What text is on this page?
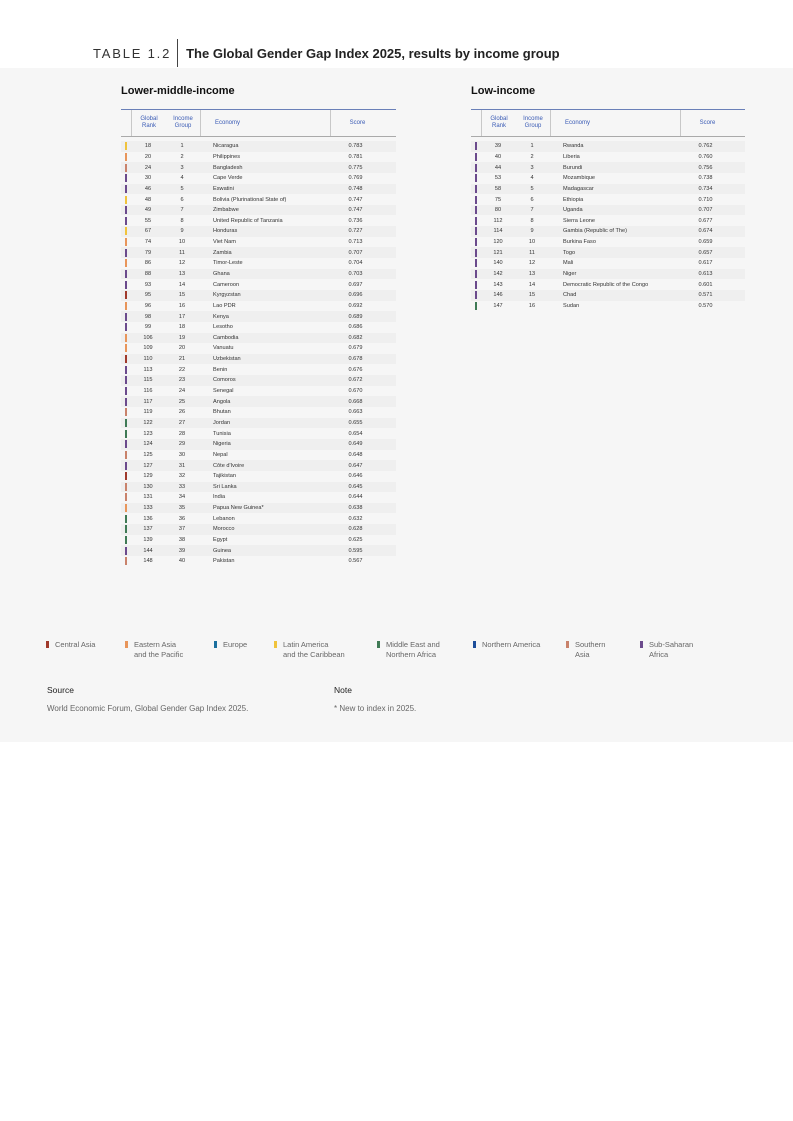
TABLE 1.2 The Global Gender Gap Index 2025, results by income group
Lower-middle-income
Global
Rank
Income
Group
Economy	Score
18	1	Nicaragua	0.783
20	2	Philippines	0.781
24	3	Bangladesh	0.775
30	4	Cape Verde	0.769
46	5	Eswatini	0.748
48	6	Bolivia (Plurinational State of)	0.747
49	7	Zimbabwe	0.747
55	8	United Republic of Tanzania	0.736
67	9	Honduras	0.727
74	10	Viet Nam	0.713
79	11	Zambia	0.707
86	12	Timor-Leste	0.704
88	13	Ghana	0.703
93	14	Cameroon	0.697
95	15	Kyrgyzstan	0.696
96	16	Lao PDR	0.692
98	17	Kenya	0.689
99	18	Lesotho	0.686
106	19	Cambodia	0.682
109	20	Vanuatu	0.679
110	21	Uzbekistan	0.678
113	22	Benin	0.676
115	23	Comoros	0.672
116	24	Senegal	0.670
117	25	Angola	0.668
119	26	Bhutan	0.663
122	27	Jordan	0.655
123	28	Tunisia	0.654
124	29	Nigeria	0.649
125	30	Nepal	0.648
127	31	Côte d'Ivoire	0.647
129	32	Tajikistan	0.646
130	33	Sri Lanka	0.645
131	34	India	0.644
133	35	Papua New Guinea*	0.638
136	36	Lebanon	0.632
137	37	Morocco	0.628
139	38	Egypt	0.625
144	39	Guinea	0.595
148	40	Pakistan	0.567
Low-income
Global
Rank
Income
Group
Economy	Score
39	1	Rwanda	0.762
40	2	Liberia	0.760
44	3	Burundi	0.756
53	4	Mozambique	0.738
58	5	Madagascar	0.734
75	6	Ethiopia	0.710
80	7	Uganda	0.707
112	8	Sierra Leone	0.677
114	9	Gambia (Republic of The)	0.674
120	10	Burkina Faso	0.659
121	11	Togo	0.657
140	12	Mali	0.617
142	13	Niger	0.613
143	14	Democratic Republic of the Congo	0.601
146	15	Chad	0.571
147	16	Sudan	0.570
Central Asia	Eastern Asia
and the Pacific
Europe	Latin America
and the Caribbean
Middle East and
Northern Africa
Northern America	Southern
Asia
Sub-Saharan
Africa
Source
World Economic Forum, Global Gender Gap Index 2025.
Note
* New to index in 2025.
